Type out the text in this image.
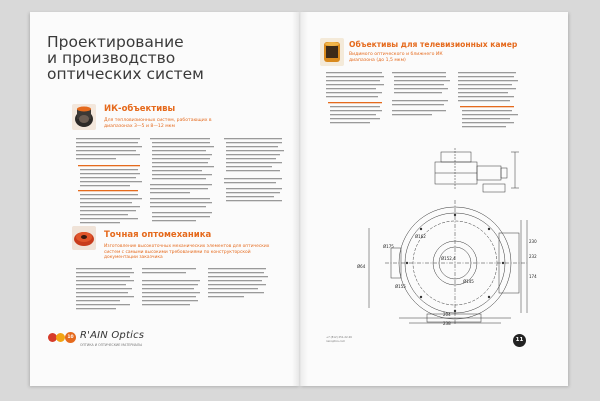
Проектирование
и производство
оптических систем
ИК-объективы
Для тепловизионных систем, работающих в диапазонах 3—5 и 8—12 мкм
Точная оптомеханика
Изготовление высокоточных механических элементов для оптических систем с самыми высокими требованиями по конструкторской документации заказчика
10 R'AIN Optics
ОПТИКА И ОПТИЧЕСКИЕ МАТЕРИАЛЫ
Объективы для телевизионных камер
Видимого оптического и ближнего ИК диапазона (до 1,5 мкм)
Ø152,4
Ø162
Ø175
Ø155
Ø145
230
232
174
204
238
Ø64
+7 (812) 251-22-26
rainoptics.com	11
